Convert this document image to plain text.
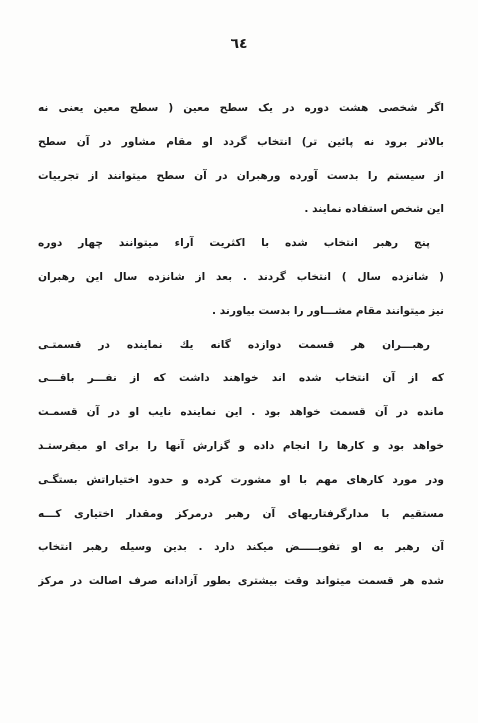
٦٤
اگر شخصی هشت دوره در یک سطح معین ( سطح معین یعنی نه
بالاتر برود نه پائین تر) انتخاب گردد او مقام مشاور در آن سطح
از سیستم را بدست آورده ورهبران در آن سطح میتوانند از تجربیات
این شخص استفاده نمایند .
پنج رهبر انتخاب شده با اکثریت آراء میتوانند چهار دوره
( شانزده سال ) انتخاب گردند . بعد از شانزده سال این رهبران
نیز میتوانند مقام مشـــاور را بدست بیاورند .
رهبـــران هر قسمت دوازده گانه یك نماینده در قسمتـی
که از آن انتخاب شده اند خواهند داشت که از نفـــر باقـــی
مانده در آن قسمت خواهد بود . این نماینده نایب او در آن قسمـت
خواهد بود و کارها را انجام داده و گزارش آنها را برای او میفرستـد
ودر مورد کارهای مهم با او مشورت کرده و حدود اختیاراتش بستگـی
مستقیم با مدارگرفتاریهای آن رهبر درمرکز ومقدار اختیاری کـــه
آن رهبر به او تفویـــــض میکند دارد . بدین وسیله رهبر انتخاب
شده هر قسمت میتواند وقت بیشتری بطور آزادانه صرف اصالت در مرکز
